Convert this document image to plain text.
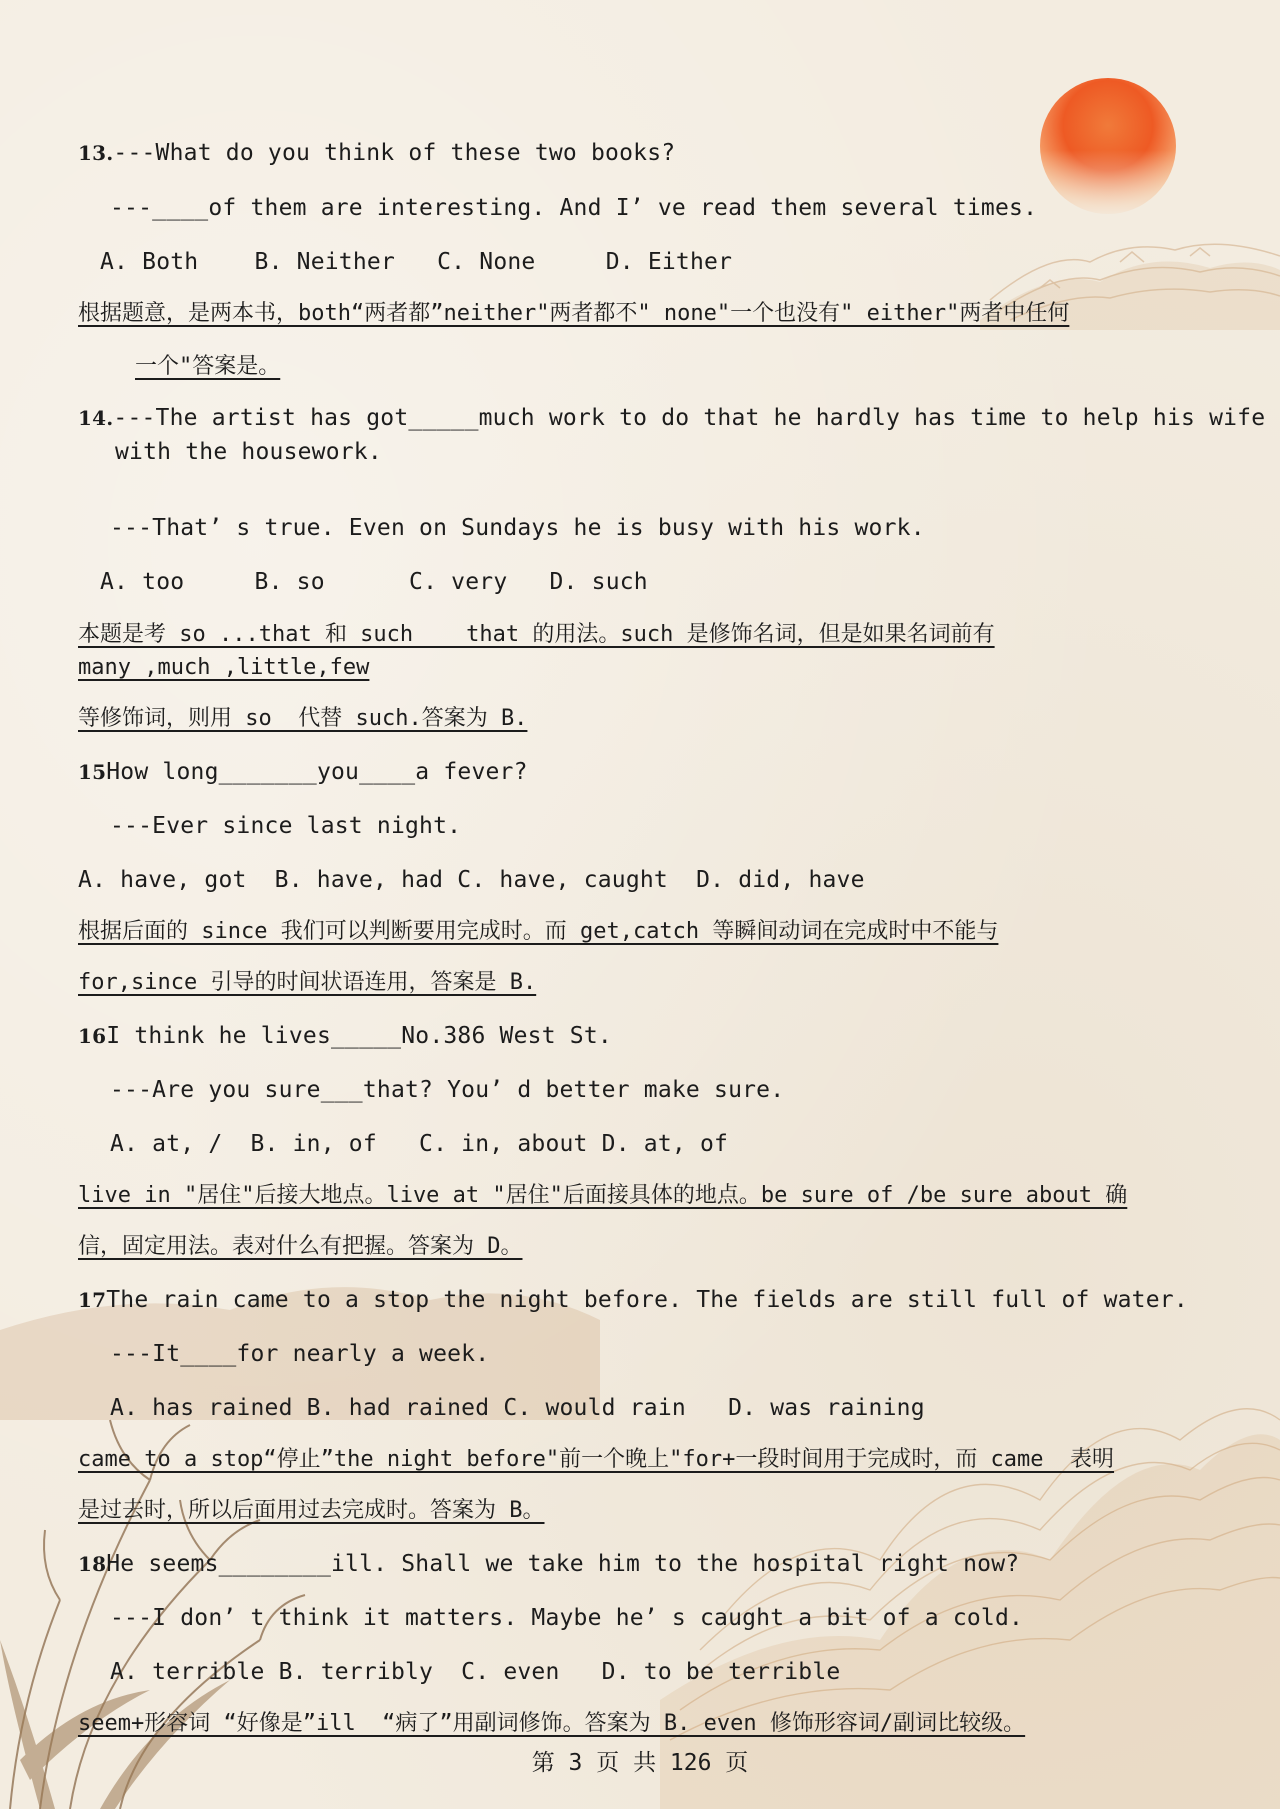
13.---What do you think of these two books?
---____of them are interesting. And I’ ve read them several times.
A. Both    B. Neither   C. None     D. Either
根据题意，是两本书，both“两者都”neither"两者都不" none"一个也没有" either"两者中任何
一个"答案是。
14.---The artist has got_____much work to do that he hardly has time to help his wife
with the housework.
---That’ s true. Even on Sundays he is busy with his work.
A. too     B. so      C. very   D. such
本题是考 so ...that 和 such    that 的用法。such 是修饰名词，但是如果名词前有
many ,much ,little,few
等修饰词，则用 so  代替 such.答案为 B.
15How long_______you____a fever?
---Ever since last night.
A. have, got  B. have, had C. have, caught  D. did, have
根据后面的 since 我们可以判断要用完成时。而 get,catch 等瞬间动词在完成时中不能与
for,since 引导的时间状语连用，答案是 B.
16I think he lives_____No.386 West St.
---Are you sure___that? You’ d better make sure.
A. at, /  B. in, of   C. in, about D. at, of
live in "居住"后接大地点。live at "居住"后面接具体的地点。be sure of /be sure about 确
信，固定用法。表对什么有把握。答案为 D。
17The rain came to a stop the night before. The fields are still full of water.
---It____for nearly a week.
A. has rained B. had rained C. would rain   D. was raining
came to a stop“停止”the night before"前一个晚上"for+一段时间用于完成时，而 came  表明
是过去时，所以后面用过去完成时。答案为 B。
18He seems________ill. Shall we take him to the hospital right now?
---I don’ t think it matters. Maybe he’ s caught a bit of a cold.
A. terrible B. terribly  C. even   D. to be terrible
seem+形容词 “好像是”ill  “病了”用副词修饰。答案为 B. even 修饰形容词/副词比较级。
第 3 页 共 126 页
